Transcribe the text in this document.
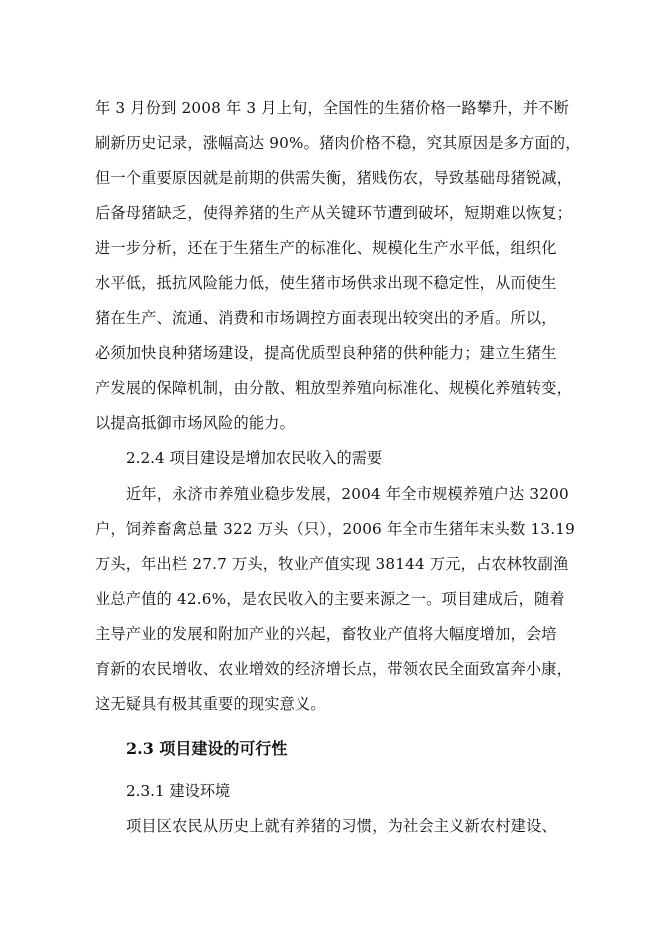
年 3 月份到 2008 年 3 月上旬，全国性的生猪价格一路攀升，并不断
刷新历史记录，涨幅高达 90%。猪肉价格不稳，究其原因是多方面的，
但一个重要原因就是前期的供需失衡，猪贱伤农，导致基础母猪锐减，
后备母猪缺乏，使得养猪的生产从关键环节遭到破坏，短期难以恢复；
进一步分析，还在于生猪生产的标准化、规模化生产水平低，组织化
水平低，抵抗风险能力低，使生猪市场供求出现不稳定性，从而使生
猪在生产、流通、消费和市场调控方面表现出较突出的矛盾。所以，
必须加快良种猪场建设，提高优质型良种猪的供种能力；建立生猪生
产发展的保障机制，由分散、粗放型养殖向标准化、规模化养殖转变，
以提高抵御市场风险的能力。
2.2.4 项目建设是增加农民收入的需要
近年，永济市养殖业稳步发展，2004 年全市规模养殖户达 3200
户，饲养畜禽总量 322 万头（只），2006 年全市生猪年末头数 13.19
万头，年出栏 27.7 万头，牧业产值实现 38144 万元，占农林牧副渔
业总产值的 42.6%，是农民收入的主要来源之一。项目建成后，随着
主导产业的发展和附加产业的兴起，畜牧业产值将大幅度增加，会培
育新的农民增收、农业增效的经济增长点，带领农民全面致富奔小康，
这无疑具有极其重要的现实意义。
2.3 项目建设的可行性
2.3.1 建设环境
项目区农民从历史上就有养猪的习惯，为社会主义新农村建设、
